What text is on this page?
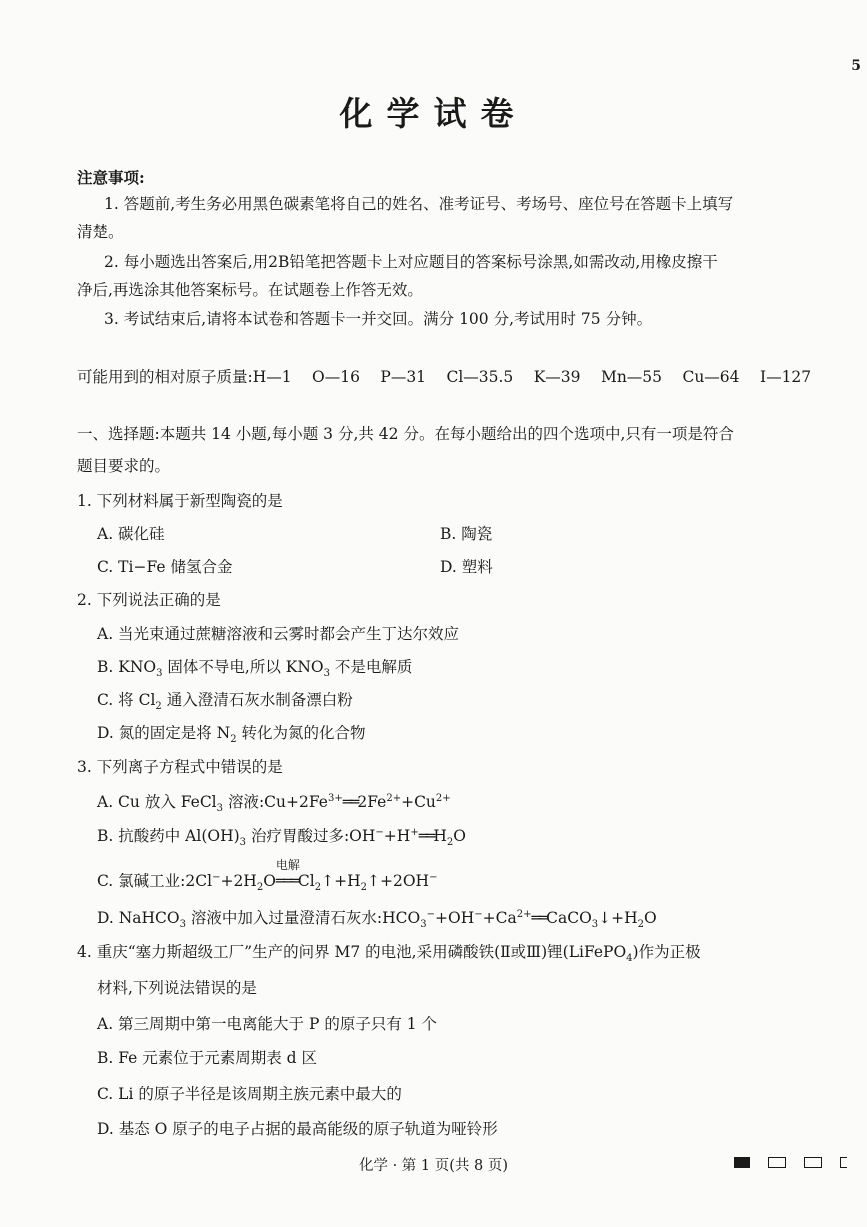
5
化学试卷
注意事项:
1. 答题前,考生务必用黑色碳素笔将自己的姓名、准考证号、考场号、座位号在答题卡上填写
清楚。
2. 每小题选出答案后,用2B铅笔把答题卡上对应题目的答案标号涂黑,如需改动,用橡皮擦干
净后,再选涂其他答案标号。在试题卷上作答无效。
3. 考试结束后,请将本试卷和答题卡一并交回。满分 100 分,考试用时 75 分钟。
可能用到的相对原子质量:H—1　 O—16　 P—31　 Cl—35.5　 K—39　 Mn—55　 Cu—64　 I—127
一、选择题:本题共 14 小题,每小题 3 分,共 42 分。在每小题给出的四个选项中,只有一项是符合
题目要求的。
1. 下列材料属于新型陶瓷的是
A. 碳化硅	B. 陶瓷
C. Ti−Fe 储氢合金	D. 塑料
2. 下列说法正确的是
A. 当光束通过蔗糖溶液和云雾时都会产生丁达尔效应
B. $KNO_3$ 固体不导电,所以 $KNO_3$ 不是电解质
C. 将 $Cl_2$ 通入澄清石灰水制备漂白粉
D. 氮的固定是将 $N_2$ 转化为氮的化合物
3. 下列离子方程式中错误的是
A. Cu 放入 FeCl$_3$ 溶液$:Cu+2Fe^{3+}══2Fe^{2+}+Cu^{2+}$
B. 抗酸药中 $Al(OH)_3$ 治疗胃酸过多$:OH^-+H^+══H_2O$
C. 氯碱工业$:2Cl^-+2H_2O$
电解
$═══Cl_2↑+H_2↑+2OH^-$
D. NaHCO$_3$ 溶液中加入过量澄清石灰水$:HCO_3^-+OH^-+Ca^{2+}══CaCO_3↓+H_2O$
4. 重庆“塞力斯超级工厂”生产的问界 M7 的电池,采用磷酸铁(Ⅱ或Ⅲ)锂(LiFePO$_4$)作为正极
材料,下列说法错误的是
A. 第三周期中第一电离能大于 P 的原子只有 1 个
B. Fe 元素位于元素周期表 d 区
C. Li 的原子半径是该周期主族元素中最大的
D. 基态 O 原子的电子占据的最高能级的原子轨道为哑铃形
化学 · 第 1 页(共 8 页)
